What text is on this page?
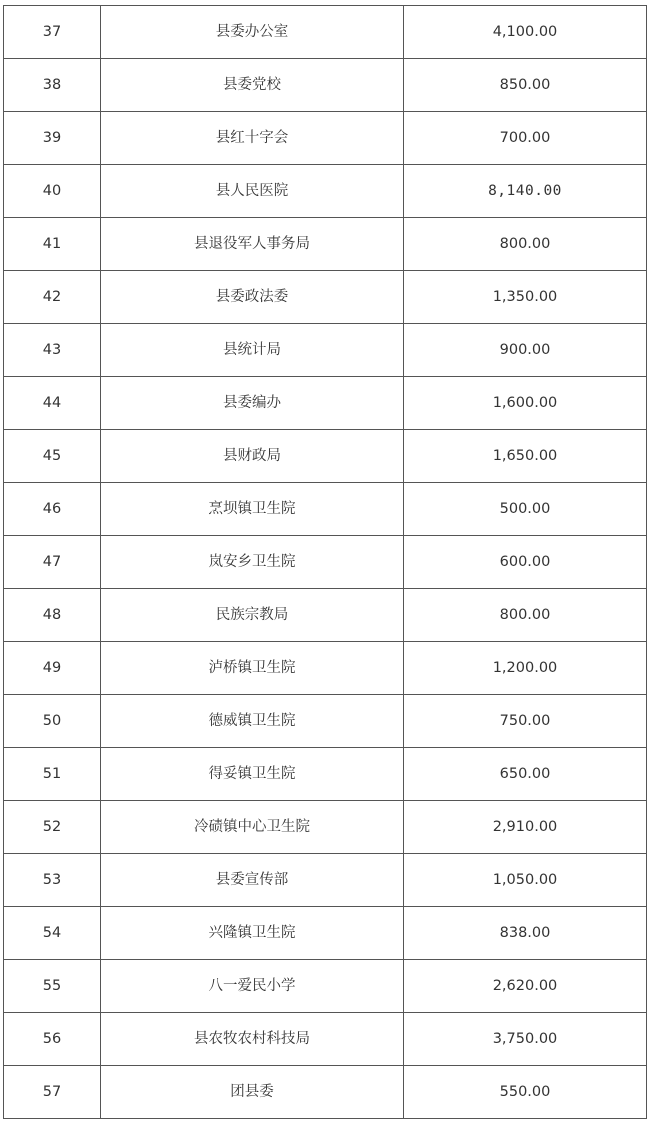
37	县委办公室	4,100.00
38	县委党校	850.00
39	县红十字会	700.00
40	县人民医院	8,140.00
41	县退役军人事务局	800.00
42	县委政法委	1,350.00
43	县统计局	900.00
44	县委编办	1,600.00
45	县财政局	1,650.00
46	烹坝镇卫生院	500.00
47	岚安乡卫生院	600.00
48	民族宗教局	800.00
49	泸桥镇卫生院	1,200.00
50	德威镇卫生院	750.00
51	得妥镇卫生院	650.00
52	冷碛镇中心卫生院	2,910.00
53	县委宣传部	1,050.00
54	兴隆镇卫生院	838.00
55	八一爱民小学	2,620.00
56	县农牧农村科技局	3,750.00
57	团县委	550.00
